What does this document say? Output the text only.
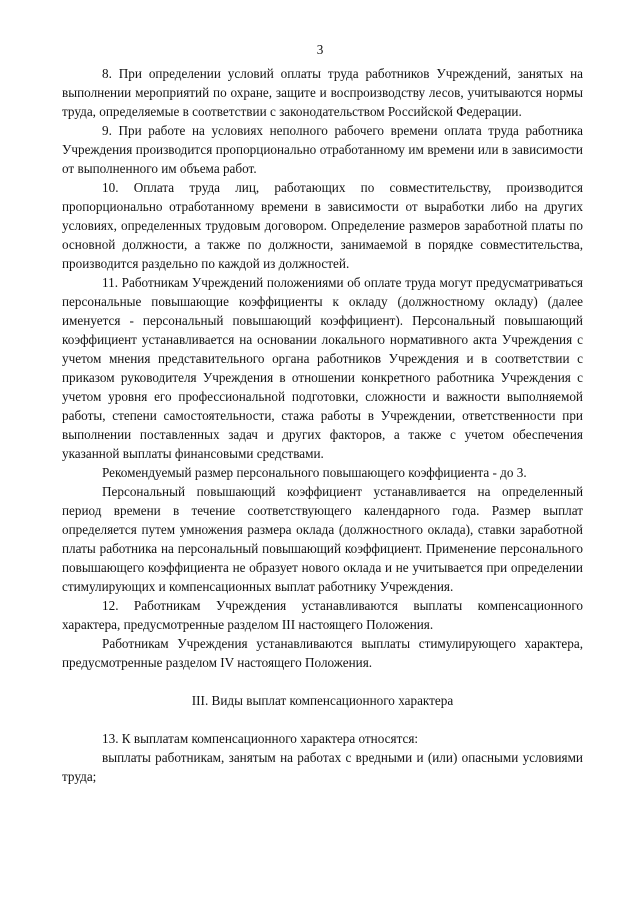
3

8. При определении условий оплаты труда работников Учреждений, занятых на выполнении мероприятий по охране, защите и воспроизводству лесов, учитываются нормы труда, определяемые в соответствии с законодательством Российской Федерации.

9. При работе на условиях неполного рабочего времени оплата труда работника Учреждения производится пропорционально отработанному им времени или в зависимости от выполненного им объема работ.

10. Оплата труда лиц, работающих по совместительству, производится пропорционально отработанному времени в зависимости от выработки либо на других условиях, определенных трудовым договором. Определение размеров заработной платы по основной должности, а также по должности, занимаемой в порядке совместительства, производится раздельно по каждой из должностей.

11. Работникам Учреждений положениями об оплате труда могут предусматриваться персональные повышающие коэффициенты к окладу (должностному окладу) (далее именуется - персональный повышающий коэффициент). Персональный повышающий коэффициент устанавливается на основании локального нормативного акта Учреждения с учетом мнения представительного органа работников Учреждения и в соответствии с приказом руководителя Учреждения в отношении конкретного работника Учреждения с учетом уровня его профессиональной подготовки, сложности и важности выполняемой работы, степени самостоятельности, стажа работы в Учреждении, ответственности при выполнении поставленных задач и других факторов, а также с учетом обеспечения указанной выплаты финансовыми средствами.

Рекомендуемый размер персонального повышающего коэффициента - до 3.

Персональный повышающий коэффициент устанавливается на определенный период времени в течение соответствующего календарного года. Размер выплат определяется путем умножения размера оклада (должностного оклада), ставки заработной платы работника на персональный повышающий коэффициент. Применение персонального повышающего коэффициента не образует нового оклада и не учитывается при определении стимулирующих и компенсационных выплат работнику Учреждения.

12. Работникам Учреждения устанавливаются выплаты компенсационного характера, предусмотренные разделом III настоящего Положения.

Работникам Учреждения устанавливаются выплаты стимулирующего характера, предусмотренные разделом IV настоящего Положения.

III. Виды выплат компенсационного характера

13. К выплатам компенсационного характера относятся:

выплаты работникам, занятым на работах с вредными и (или) опасными условиями труда;
